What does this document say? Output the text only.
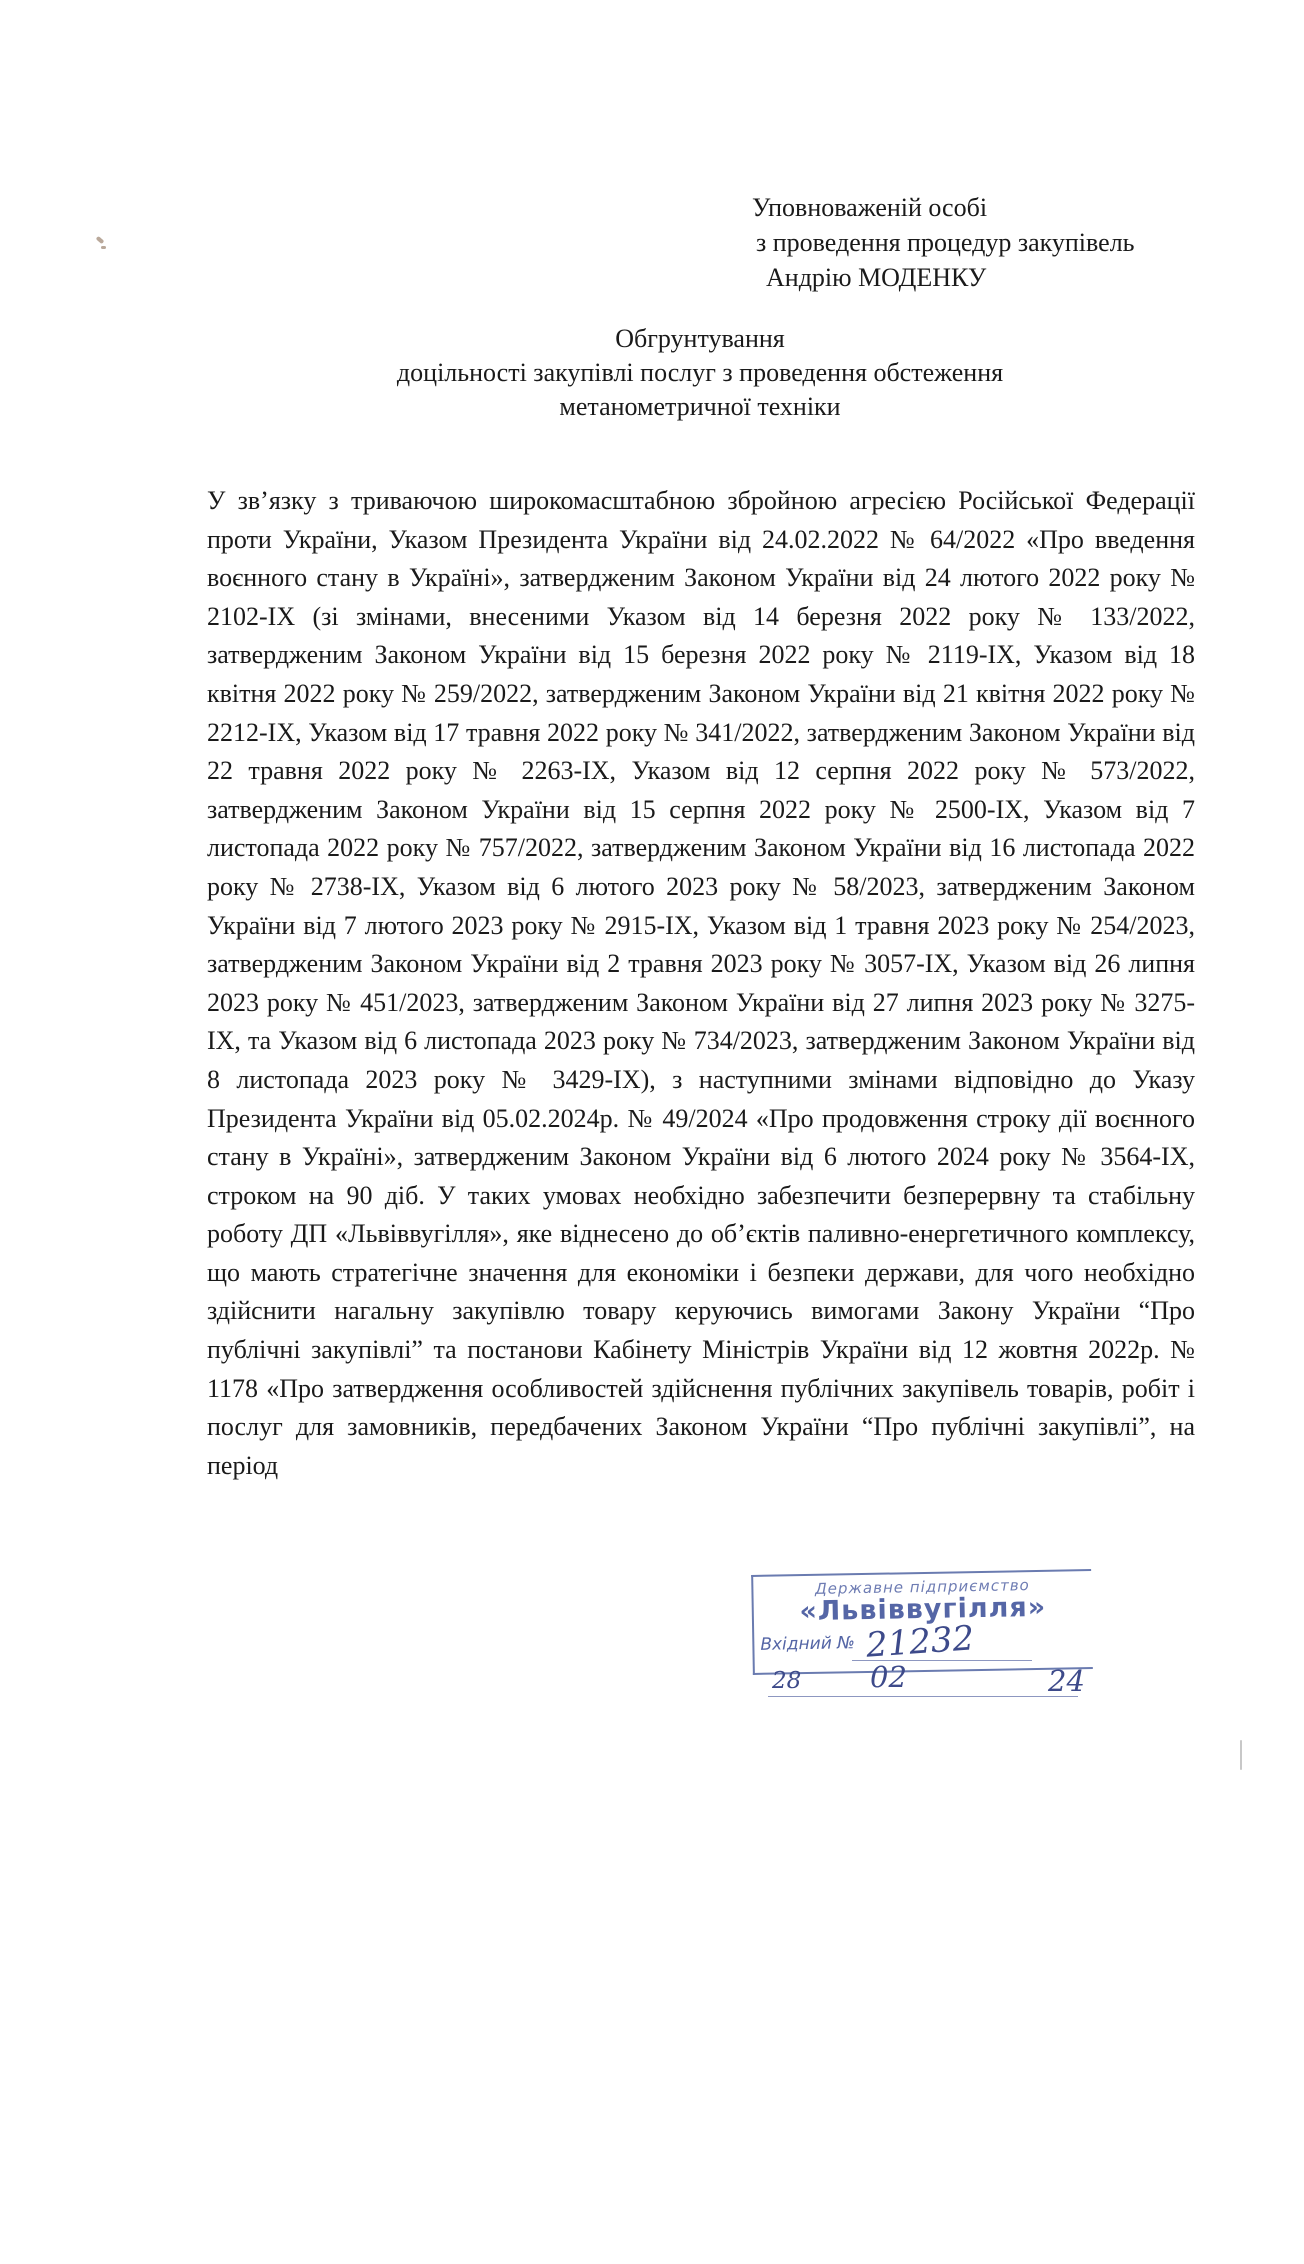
Уповноваженій особі
з проведення процедур закупівель
Андрію МОДЕНКУ
Обгрунтування
доцільності закупівлі послуг з проведення обстеження
метанометричної техніки
У зв’язку з триваючою широкомасштабною збройною агресією Російської Федерації проти України, Указом Президента України від 24.02.2022 № 64/2022 «Про введення воєнного стану в Україні», затвердженим Законом України від 24 лютого 2022 року № 2102-IX (зі змінами, внесеними Указом від 14 березня 2022 року № 133/2022, затвердженим Законом України від 15 березня 2022 року № 2119-IX, Указом від 18 квітня 2022 року № 259/2022, затвердженим Законом України від 21 квітня 2022 року № 2212-IX, Указом від 17 травня 2022 року № 341/2022, затвердженим Законом України від 22 травня 2022 року № 2263-IX, Указом від 12 серпня 2022 року № 573/2022, затвердженим Законом України від 15 серпня 2022 року № 2500-IX, Указом від 7 листопада 2022 року № 757/2022, затвердженим Законом України від 16 листопада 2022 року № 2738-IX, Указом від 6 лютого 2023 року № 58/2023, затвердженим Законом України від 7 лютого 2023 року № 2915-IX, Указом від 1 травня 2023 року № 254/2023, затвердженим Законом України від 2 травня 2023 року № 3057-IX, Указом від 26 липня 2023 року № 451/2023, затвердженим Законом України від 27 липня 2023 року № 3275-IX, та Указом від 6 листопада 2023 року № 734/2023, затвердженим Законом України від 8 листопада 2023 року № 3429-IX), з наступними змінами відповідно до Указу Президента України від 05.02.2024р. № 49/2024 «Про продовження строку дії воєнного стану в Україні», затвердженим Законом України від 6 лютого 2024 року № 3564-IX, строком на 90 діб. У таких умовах необхідно забезпечити безперервну та стабільну роботу ДП «Львіввугілля», яке віднесено до об’єктів паливно-енергетичного комплексу, що мають стратегічне значення для економіки і безпеки держави, для чого необхідно здійснити нагальну закупівлю товару керуючись вимогами Закону України “Про публічні закупівлі” та постанови Кабінету Міністрів України від 12 жовтня 2022р. № 1178 «Про затвердження особливостей здійснення публічних закупівель товарів, робіт і послуг для замовників, передбачених Законом України “Про публічні закупівлі”, на період
Державне підприємство
«Львіввугілля»
Вхідний № 21232
28 02	24
